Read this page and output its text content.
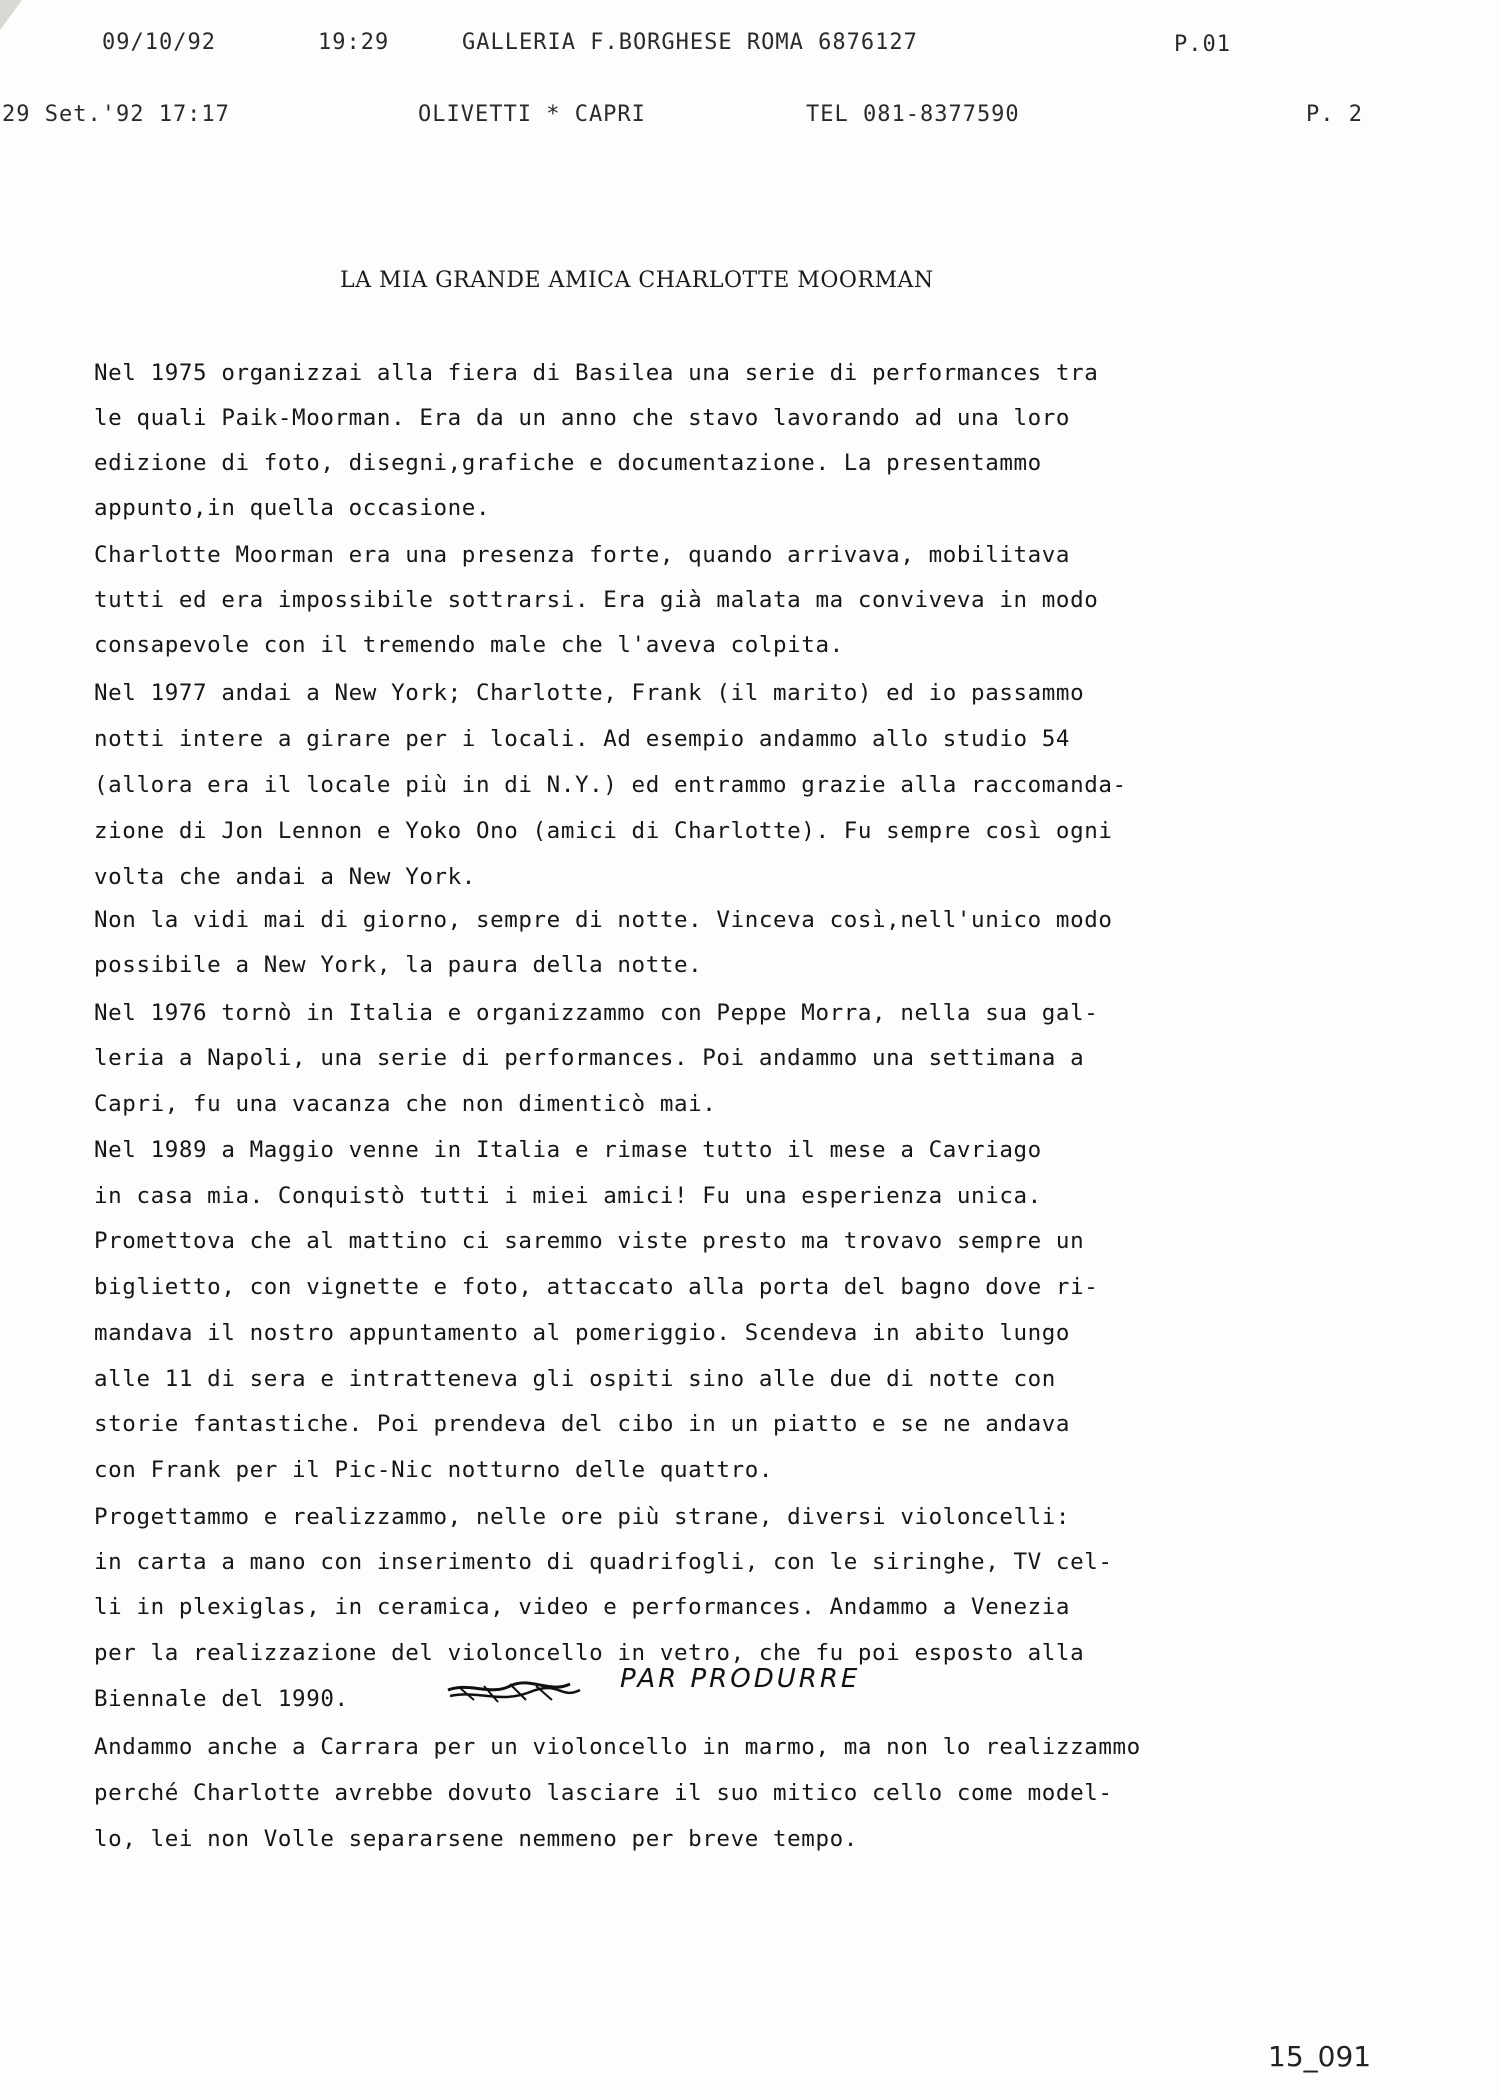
09/10/92	19:29	GALLERIA F.BORGHESE ROMA 6876127	P.01
29 Set.'92 17:17	OLIVETTI * CAPRI	TEL 081-8377590	P. 2
LA MIA GRANDE AMICA CHARLOTTE MOORMAN
Nel 1975 organizzai alla fiera di Basilea una serie di performances tra
le quali Paik-Moorman. Era da un anno che stavo lavorando ad una loro
edizione di foto, disegni,grafiche e documentazione. La presentammo
appunto,in quella occasione.
Charlotte Moorman era una presenza forte, quando arrivava, mobilitava
tutti ed era impossibile sottrarsi. Era già malata ma conviveva in modo
consapevole con il tremendo male che l'aveva colpita.
Nel 1977 andai a New York; Charlotte, Frank (il marito) ed io passammo
notti intere a girare per i locali. Ad esempio andammo allo studio 54
(allora era il locale più in di N.Y.) ed entrammo grazie alla raccomanda-
zione di Jon Lennon e Yoko Ono (amici di Charlotte). Fu sempre così ogni
volta che andai a New York.
Non la vidi mai di giorno, sempre di notte. Vinceva così,nell'unico modo
possibile a New York, la paura della notte.
Nel 1976 tornò in Italia e organizzammo con Peppe Morra, nella sua gal-
leria a Napoli, una serie di performances. Poi andammo una settimana a
Capri, fu una vacanza che non dimenticò mai.
Nel 1989 a Maggio venne in Italia e rimase tutto il mese a Cavriago
in casa mia. Conquistò tutti i miei amici! Fu una esperienza unica.
Promettova che al mattino ci saremmo viste presto ma trovavo sempre un
biglietto, con vignette e foto, attaccato alla porta del bagno dove ri-
mandava il nostro appuntamento al pomeriggio. Scendeva in abito lungo
alle 11 di sera e intratteneva gli ospiti sino alle due di notte con
storie fantastiche. Poi prendeva del cibo in un piatto e se ne andava
con Frank per il Pic-Nic notturno delle quattro.
Progettammo e realizzammo, nelle ore più strane, diversi violoncelli:
in carta a mano con inserimento di quadrifogli, con le siringhe, TV cel-
li in plexiglas, in ceramica, video e performances. Andammo a Venezia
per la realizzazione del violoncello in vetro, che fu poi esposto alla
Biennale del 1990.
Andammo anche a Carrara per un violoncello in marmo, ma non lo realizzammo
perché Charlotte avrebbe dovuto lasciare il suo mitico cello come model-
lo, lei non Volle separarsene nemmeno per breve tempo.
PAR PRODURRE
15_091
